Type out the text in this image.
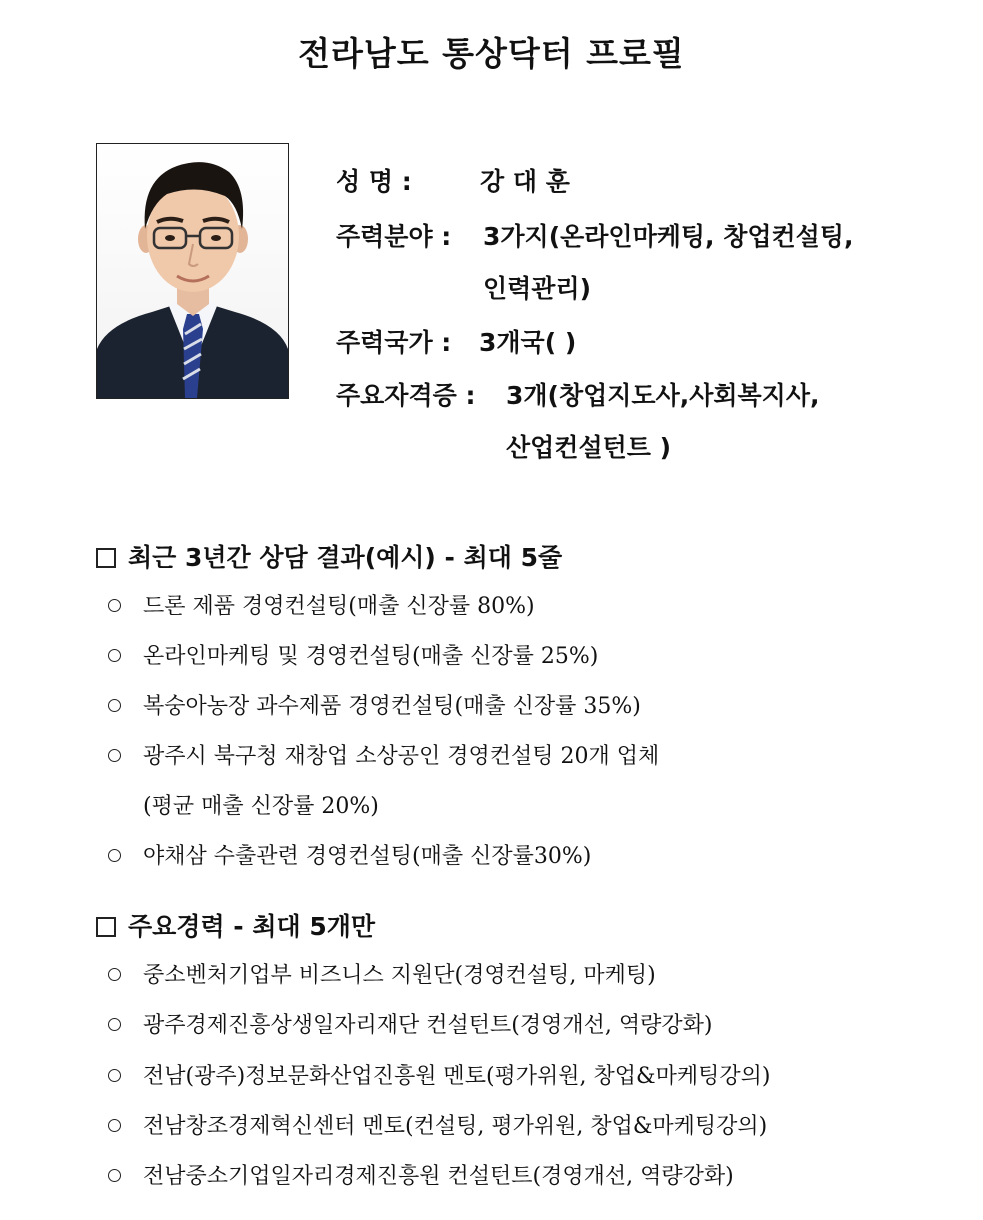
전라남도 통상닥터 프로필
성 명 :	강 대 훈
주력분야 : 3가지(온라인마케팅, 창업컨설팅,
인력관리)
주력국가 : 3개국( )
주요자격증 : 3개(창업지도사,사회복지사,
산업컨설턴트 )
최근 3년간 상담 결과(예시) - 최대 5줄
드론 제품 경영컨설팅(매출 신장률 80%)
온라인마케팅 및 경영컨설팅(매출 신장률 25%)
복숭아농장 과수제품 경영컨설팅(매출 신장률 35%)
광주시 북구청 재창업 소상공인 경영컨설팅 20개 업체
(평균 매출 신장률 20%)
야채삼 수출관련 경영컨설팅(매출 신장률30%)
주요경력 - 최대 5개만
중소벤처기업부 비즈니스 지원단(경영컨설팅, 마케팅)
광주경제진흥상생일자리재단 컨설턴트(경영개선, 역량강화)
전남(광주)정보문화산업진흥원 멘토(평가위원, 창업&마케팅강의)
전남창조경제혁신센터 멘토(컨설팅, 평가위원, 창업&마케팅강의)
전남중소기업일자리경제진흥원 컨설턴트(경영개선, 역량강화)
